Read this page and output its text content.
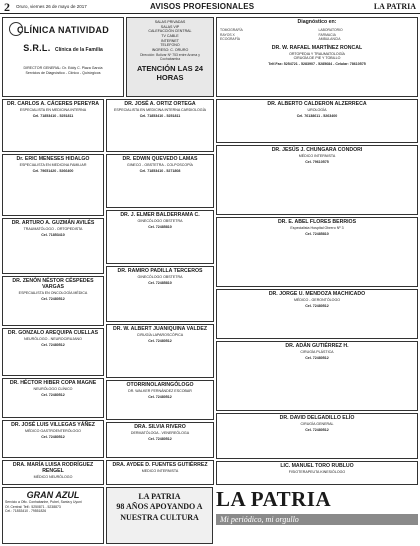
2 Oruro, viernes 26 de mayo de 2017	AVISOS PROFESIONALES	LA PATRIA
CLÍNICA NATIVIDAD S.R.L. Clínica de la Familia
DIRECTOR GENERAL: Dr. Eddy C. Plaza García
Servicios de Diagnóstico - Clínico - Quirúrgicos
SALAS PRIVADAS
SALAS VIP
CALEFACCIÓN CENTRAL
TV CABLE
INTERNET
TELEFONO
INGRESO: C. ORURO
Dirección: Bolívar Nº 753 entre Aroma y Cochabamba
ATENCIÓN LAS 24 HORAS
Diagnóstico en:
TOMOGRAFÍA
RAYOS X
ECOGRAFÍA
LABORATORIO
FARMACIA
AMBULANCIA
DR. W. RAFAEL MARTÍNEZ RONCAL
ORTOPEDIA Y TRAUMATOLOGÍA
CIRUGÍA DE PIE Y TOBILLO
Telf.Fax: 5254721 - 5283907 - 5285684 - Celular: 78610575
DR. CARLOS A. CÁCERES PEREYRA
ESPECIALISTA EN MEDICINA INTERNA
Cel. 71853410 - 5251811
Dr. ERIC MENESES HIDALGO
ESPECIALISTA EN MEDICINA FAMILIAR
Cel. 79651420 - 5266400
DR. ARTURO A. GUZMÁN AVILÉS
TRAUMATÓLOGO - ORTOPEDISTA
Cel. 71853410
DR. ZENÓN NÉSTOR CÉSPEDES VARGAS
ESPECIALISTA EN ONCOLOGÍA MÉDICA
Cel. 72480512
DR. GONZALO AREQUIPA CUELLAS
NEURÓLOGO - NEUROCIRUJANO
Cel. 72480512
DR. HÉCTOR HIBER COPA MAGNE
NEURÓLOGO CLÍNICO
Cel. 72480512
DR. JOSÉ LUIS VILLEGAS YÁÑEZ
MÉDICO GASTROENTERÓLOGO
Cel. 72480512
DRA. MARÍA LUISA RODRÍGUEZ RENGEL
MÉDICO NEURÓLOGO
DR. JOSÉ A. ORTIZ ORTEGA
ESPECIALISTA EN MEDICINA INTERNA CARDIOLOGÍA
Cel. 71853410 - 5251811
DR. EDWIN QUEVEDO LAMAS
GINECO - OBSTETRA - COLPOSCOPÍA
Cel. 71853410 - 5271808
DR. J. ELMER BALDERRAMA C.
GINECÓLOGO OBSTETRA
Cel. 72485810
DR. RAMIRO PADILLA TERCEROS
GINECÓLOGO OBSTETRA
Cel. 72485810
DR. W. ALBERT JUANIQUINA VALDEZ
CIRUGÍA LAPAROSCÓPICA
Cel. 72480512
OTORRINOLARINGÓLOGO
DR. WALKER FERNÁNDEZ ESCOBAR
Cel. 72480512
DRA. SILVIA RIVERO
DERMATÓLOGA - VENEREÓLOGA
Cel. 72480512
DRA. AYDEE D. FUENTES GUTIÉRREZ
MEDICO INTERNISTA
DR. ALBERTO CALDERON ALZERRECA
UROLOGÍA
Cel. 76138611 - 5263400
DR. JESÚS J. CHUNGARA CONDORI
MÉDICO INTERNISTA
Cel. 79610575
DR. E. ABEL FLORES BERRIOS
Especialista Hospital Obrero Nº 3
Cel. 72485810
DR. JORGE U. MENDOZA MACHICADO
MÉDICO - GERONTÓLOGO
Cel. 72480512
DR. ADÁN GUTIÉRREZ H.
CIRUGÍA PLÁSTICA
Cel. 72480512
DR. DAVID DELGADILLO ELÍO
CIRUGÍA GENERAL
Cel. 72480512
LIC. MANUEL TORO RUBLUO
FISIOTERAPEUTA KINESIÓLOGO
GRAN AZUL
Servicio a Ofic. Conhabanhe, Pubel, Santa y Uyuni
Of. Central: Telf.: 5250871 - 5238873
Cel.: 71853410 - 79551826
LA PATRIA
98 AÑOS APOYANDO A
NUESTRA CULTURA
LA PATRIA
Mi periódico, mi orgullo
